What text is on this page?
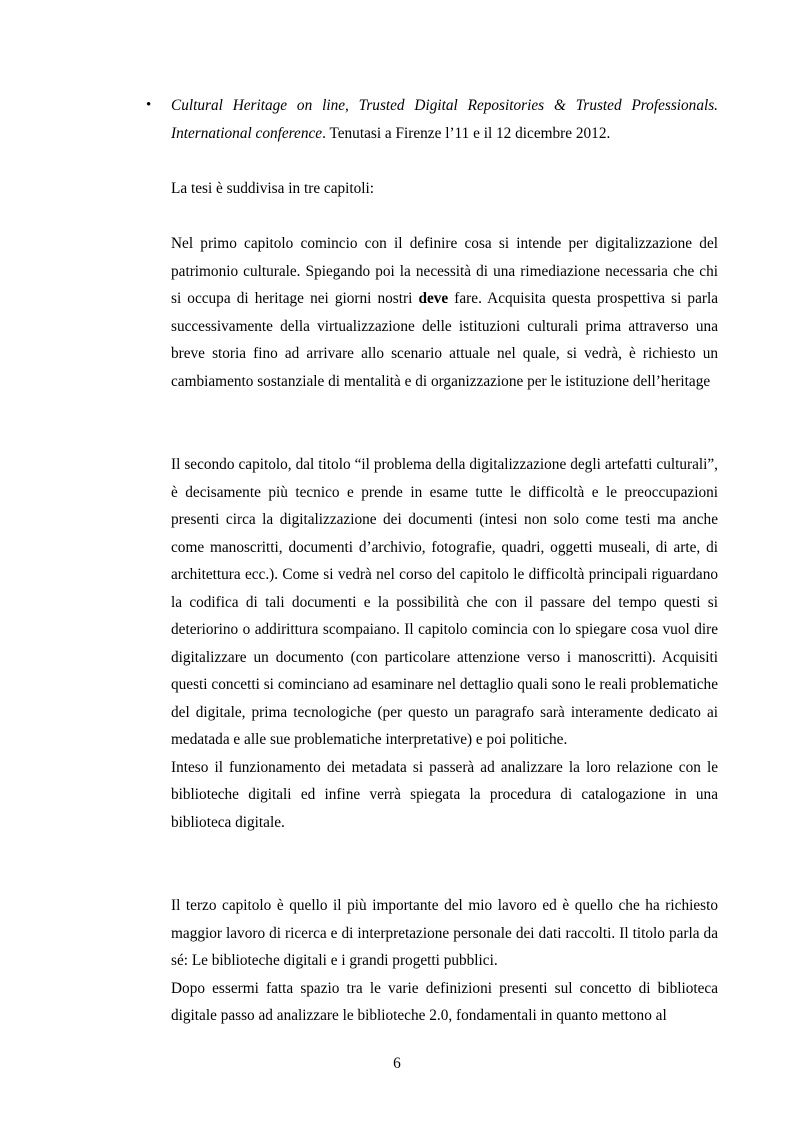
• Cultural Heritage on line, Trusted Digital Repositories & Trusted Professionals. International conference. Tenutasi a Firenze l’11 e il 12 dicembre 2012.

La tesi è suddivisa in tre capitoli:

Nel primo capitolo comincio con il definire cosa si intende per digitalizzazione del patrimonio culturale. Spiegando poi la necessità di una rimediazione necessaria che chi si occupa di heritage nei giorni nostri deve fare. Acquisita questa prospettiva si parla successivamente della virtualizzazione delle istituzioni culturali prima attraverso una breve storia fino ad arrivare allo scenario attuale nel quale, si vedrà, è richiesto un cambiamento sostanziale di mentalità e di organizzazione per le istituzione dell’heritage

Il secondo capitolo, dal titolo “il problema della digitalizzazione degli artefatti culturali”, è decisamente più tecnico e prende in esame tutte le difficoltà e le preoccupazioni presenti circa la digitalizzazione dei documenti (intesi non solo come testi ma anche come manoscritti, documenti d’archivio, fotografie, quadri, oggetti museali, di arte, di architettura ecc.). Come si vedrà nel corso del capitolo le difficoltà principali riguardano la codifica di tali documenti e la possibilità che con il passare del tempo questi si deteriorino o addirittura scompaiano. Il capitolo comincia con lo spiegare cosa vuol dire digitalizzare un documento (con particolare attenzione verso i manoscritti). Acquisiti questi concetti si cominciano ad esaminare nel dettaglio quali sono le reali problematiche del digitale, prima tecnologiche (per questo un paragrafo sarà interamente dedicato ai medatada e alle sue problematiche interpretative) e poi politiche.
Inteso il funzionamento dei metadata si passerà ad analizzare la loro relazione con le biblioteche digitali ed infine verrà spiegata la procedura di catalogazione in una biblioteca digitale.
Il terzo capitolo è quello il più importante del mio lavoro ed è quello che ha richiesto maggior lavoro di ricerca e di interpretazione personale dei dati raccolti. Il titolo parla da sé: Le biblioteche digitali e i grandi progetti pubblici.
Dopo essermi fatta spazio tra le varie definizioni presenti sul concetto di biblioteca digitale passo ad analizzare le biblioteche 2.0, fondamentali in quanto mettono al
6
